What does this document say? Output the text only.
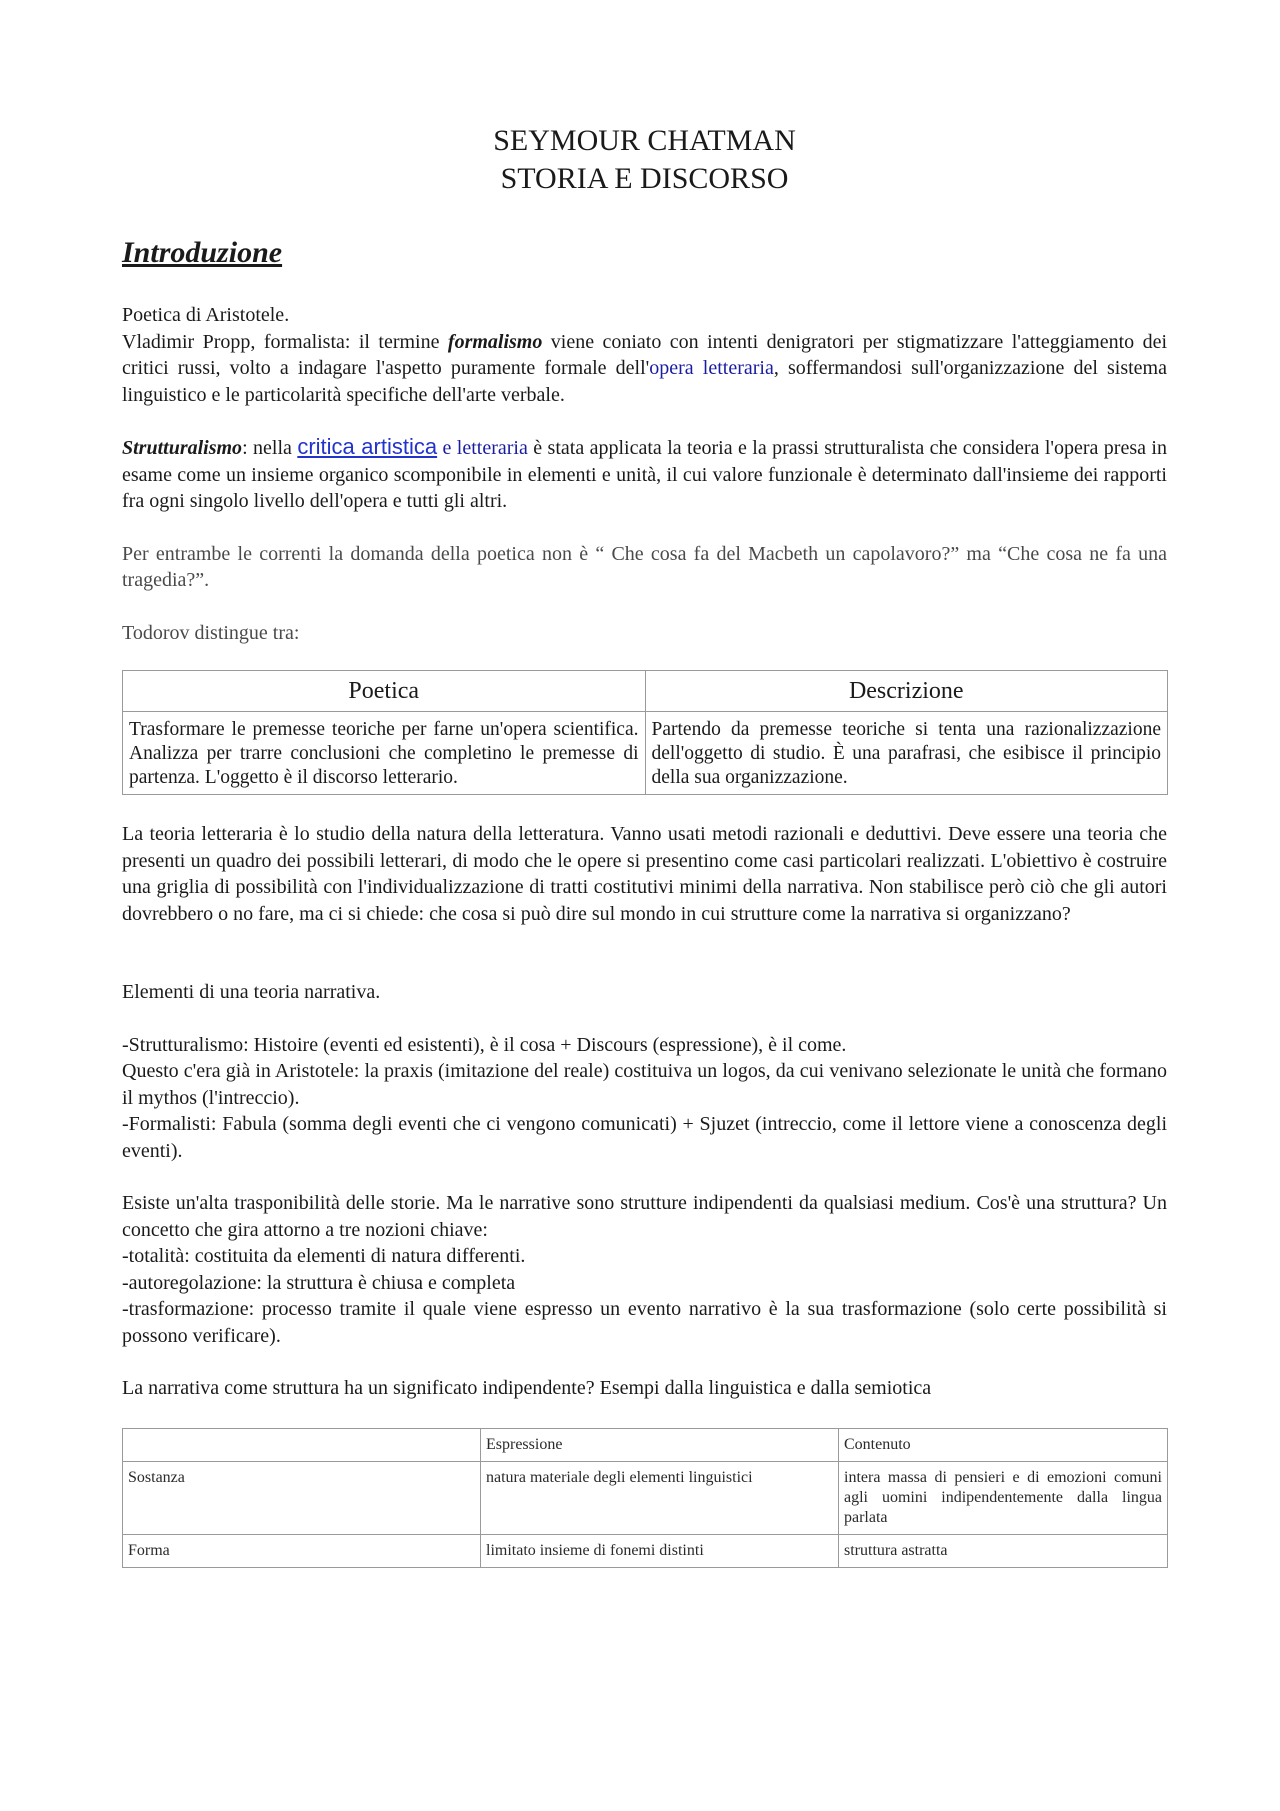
SEYMOUR CHATMAN
STORIA E DISCORSO
Introduzione

Poetica di Aristotele.
Vladimir Propp, formalista: il termine formalismo viene coniato con intenti denigratori per stigmatizzare l'atteggiamento dei critici russi, volto a indagare l'aspetto puramente formale dell'opera letteraria, soffermandosi sull'organizzazione del sistema linguistico e le particolarità specifiche dell'arte verbale.

Strutturalismo: nella critica artistica e letteraria è stata applicata la teoria e la prassi strutturalista che considera l'opera presa in esame come un insieme organico scomponibile in elementi e unità, il cui valore funzionale è determinato dall'insieme dei rapporti fra ogni singolo livello dell'opera e tutti gli altri.

Per entrambe le correnti la domanda della poetica non è “ Che cosa fa del Macbeth un capolavoro?” ma “Che cosa ne fa una tragedia?”.

Todorov distingue tra:

Poetica	Descrizione
Trasformare le premesse teoriche per farne un'opera scientifica. Analizza per trarre conclusioni che completino le premesse di partenza. L'oggetto è il discorso letterario.	Partendo da premesse teoriche si tenta una razionalizzazione dell'oggetto di studio. È una parafrasi, che esibisce il principio della sua organizzazione.

La teoria letteraria è lo studio della natura della letteratura. Vanno usati metodi razionali e deduttivi. Deve essere una teoria che presenti un quadro dei possibili letterari, di modo che le opere si presentino come casi particolari realizzati. L'obiettivo è costruire una griglia di possibilità con l'individualizzazione di tratti costitutivi minimi della narrativa. Non stabilisce però ciò che gli autori dovrebbero o no fare, ma ci si chiede: che cosa si può dire sul mondo in cui strutture come la narrativa si organizzano?

Elementi di una teoria narrativa.

-Strutturalismo: Histoire (eventi ed esistenti), è il cosa + Discours (espressione), è il come.
Questo c'era già in Aristotele: la praxis (imitazione del reale) costituiva un logos, da cui venivano selezionate le unità che formano il mythos (l'intreccio).
-Formalisti: Fabula (somma degli eventi che ci vengono comunicati) + Sjuzet (intreccio, come il lettore viene a conoscenza degli eventi).

Esiste un'alta trasponibilità delle storie. Ma le narrative sono strutture indipendenti da qualsiasi medium. Cos'è una struttura? Un concetto che gira attorno a tre nozioni chiave:
-totalità: costituita da elementi di natura differenti.
-autoregolazione: la struttura è chiusa e completa
-trasformazione: processo tramite il quale viene espresso un evento narrativo è la sua trasformazione (solo certe possibilità si possono verificare).

La narrativa come struttura ha un significato indipendente? Esempi dalla linguistica e dalla semiotica

	Espressione	Contenuto
Sostanza	natura materiale degli elementi linguistici	intera massa di pensieri e di emozioni comuni agli uomini indipendentemente dalla lingua parlata
Forma	limitato insieme di fonemi distinti	struttura astratta
